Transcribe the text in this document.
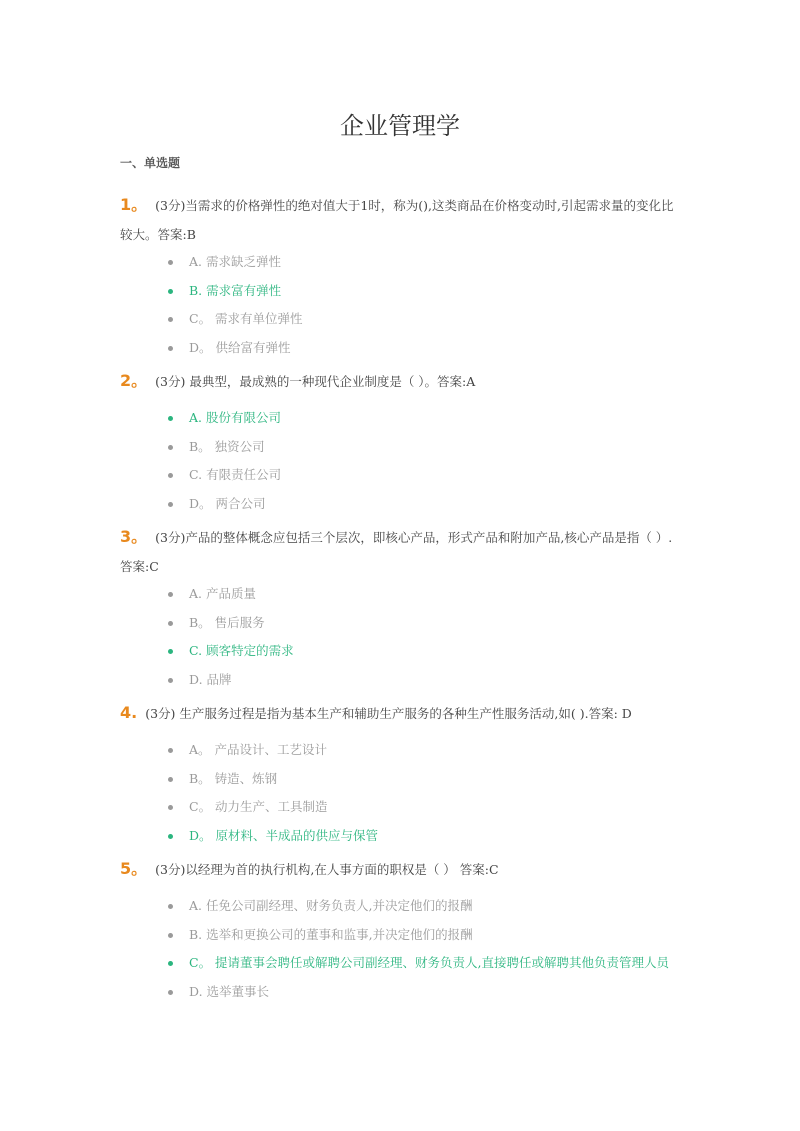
企业管理学
一、单选题
1。 (3分)当需求的价格弹性的绝对值大于1时，称为(),这类商品在价格变动时,引起需求量的变化比较大。答案:B
A. 需求缺乏弹性
B. 需求富有弹性
C。 需求有单位弹性
D。 供给富有弹性
2。 (3分) 最典型，最成熟的一种现代企业制度是（ ）。答案:A
A. 股份有限公司
B。 独资公司
C. 有限责任公司
D。 两合公司
3。 (3分)产品的整体概念应包括三个层次，即核心产品，形式产品和附加产品,核心产品是指（ ）.答案:C
A. 产品质量
B。 售后服务
C. 顾客特定的需求
D. 品牌
4. (3分) 生产服务过程是指为基本生产和辅助生产服务的各种生产性服务活动,如( ).答案: D
A。 产品设计、工艺设计
B。 铸造、炼钢
C。 动力生产、工具制造
D。 原材料、半成品的供应与保管
5。 (3分)以经理为首的执行机构,在人事方面的职权是（ ） 答案:C
A. 任免公司副经理、财务负责人,并决定他们的报酬
B. 选举和更换公司的董事和监事,并决定他们的报酬
C。 提请董事会聘任或解聘公司副经理、财务负责人,直接聘任或解聘其他负责管理人员
D. 选举董事长
